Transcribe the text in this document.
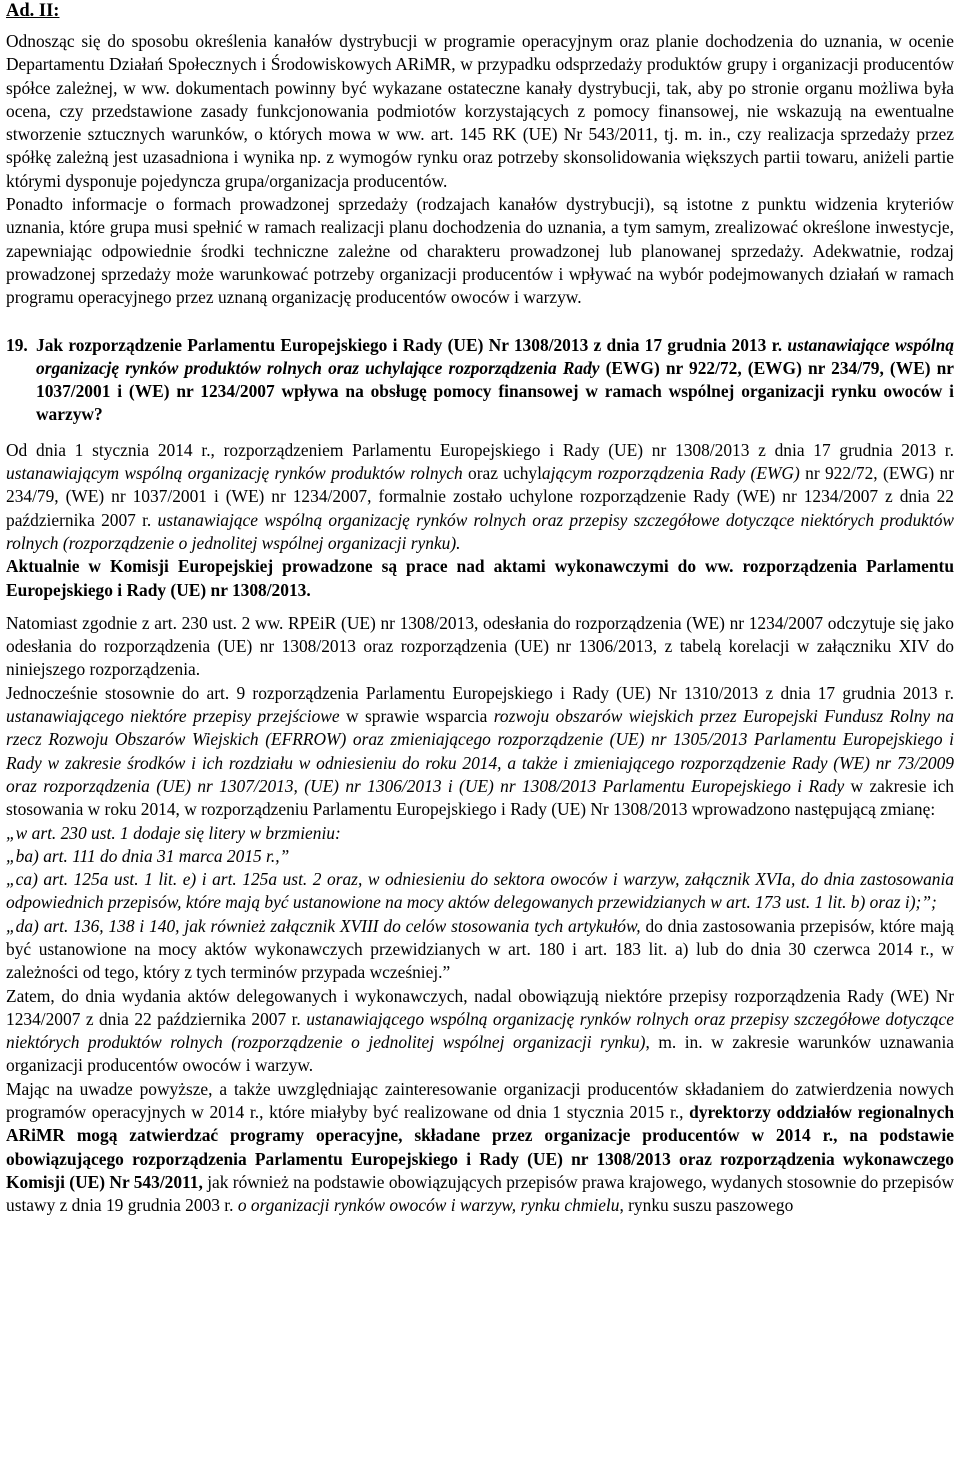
Ad. II:

Odnosząc się do sposobu określenia kanałów dystrybucji w programie operacyjnym oraz planie dochodzenia do uznania, w ocenie Departamentu Działań Społecznych i Środowiskowych ARiMR, w przypadku odsprzedaży produktów grupy i organizacji producentów spółce zależnej, w ww. dokumentach powinny być wykazane ostateczne kanały dystrybucji, tak, aby po stronie organu możliwa była ocena, czy przedstawione zasady funkcjonowania podmiotów korzystających z pomocy finansowej, nie wskazują na ewentualne stworzenie sztucznych warunków, o których mowa w ww. art. 145 RK (UE) Nr 543/2011, tj. m. in., czy realizacja sprzedaży przez spółkę zależną jest uzasadniona i wynika np. z wymogów rynku oraz potrzeby skonsolidowania większych partii towaru, aniżeli partie którymi dysponuje pojedyncza grupa/organizacja producentów.

Ponadto informacje o formach prowadzonej sprzedaży (rodzajach kanałów dystrybucji), są istotne z punktu widzenia kryteriów uznania, które grupa musi spełnić w ramach realizacji planu dochodzenia do uznania, a tym samym, zrealizować określone inwestycje, zapewniając odpowiednie środki techniczne zależne od charakteru prowadzonej lub planowanej sprzedaży. Adekwatnie, rodzaj prowadzonej sprzedaży może warunkować potrzeby organizacji producentów i wpływać na wybór podejmowanych działań w ramach programu operacyjnego przez uznaną organizację producentów owoców i warzyw.

19. Jak rozporządzenie Parlamentu Europejskiego i Rady (UE) Nr 1308/2013 z dnia 17 grudnia 2013 r. ustanawiające wspólną organizację rynków produktów rolnych oraz uchylające rozporządzenia Rady (EWG) nr 922/72, (EWG) nr 234/79, (WE) nr 1037/2001 i (WE) nr 1234/2007 wpływa na obsługę pomocy finansowej w ramach wspólnej organizacji rynku owoców i warzyw?

Od dnia 1 stycznia 2014 r., rozporządzeniem Parlamentu Europejskiego i Rady (UE) nr 1308/2013 z dnia 17 grudnia 2013 r. ustanawiającym wspólną organizację rynków produktów rolnych oraz uchylającym rozporządzenia Rady (EWG) nr 922/72, (EWG) nr 234/79, (WE) nr 1037/2001 i (WE) nr 1234/2007, formalnie zostało uchylone rozporządzenie Rady (WE) nr 1234/2007 z dnia 22 października 2007 r. ustanawiające wspólną organizację rynków rolnych oraz przepisy szczegółowe dotyczące niektórych produktów rolnych (rozporządzenie o jednolitej wspólnej organizacji rynku).

Aktualnie w Komisji Europejskiej prowadzone są prace nad aktami wykonawczymi do ww. rozporządzenia Parlamentu Europejskiego i Rady (UE) nr 1308/2013.

Natomiast zgodnie z art. 230 ust. 2 ww. RPEiR (UE) nr 1308/2013, odesłania do rozporządzenia (WE) nr 1234/2007 odczytuje się jako odesłania do rozporządzenia (UE) nr 1308/2013 oraz rozporządzenia (UE) nr 1306/2013, z tabelą korelacji w załączniku XIV do niniejszego rozporządzenia.

Jednocześnie stosownie do art. 9 rozporządzenia Parlamentu Europejskiego i Rady (UE) Nr 1310/2013 z dnia 17 grudnia 2013 r. ustanawiającego niektóre przepisy przejściowe w sprawie wsparcia rozwoju obszarów wiejskich przez Europejski Fundusz Rolny na rzecz Rozwoju Obszarów Wiejskich (EFRROW) oraz zmieniającego rozporządzenie (UE) nr 1305/2013 Parlamentu Europejskiego i Rady w zakresie środków i ich rozdziału w odniesieniu do roku 2014, a także i zmieniającego rozporządzenie Rady (WE) nr 73/2009 oraz rozporządzenia (UE) nr 1307/2013, (UE) nr 1306/2013 i (UE) nr 1308/2013 Parlamentu Europejskiego i Rady w zakresie ich stosowania w roku 2014, w rozporządzeniu Parlamentu Europejskiego i Rady (UE) Nr 1308/2013 wprowadzono następującą zmianę:

„w art. 230 ust. 1 dodaje się litery w brzmieniu:

„ba) art. 111 do dnia 31 marca 2015 r.,”

„ca) art. 125a ust. 1 lit. e) i art. 125a ust. 2 oraz, w odniesieniu do sektora owoców i warzyw, załącznik XVIa, do dnia zastosowania odpowiednich przepisów, które mają być ustanowione na mocy aktów delegowanych przewidzianych w art. 173 ust. 1 lit. b) oraz i);”;

„da) art. 136, 138 i 140, jak również załącznik XVIII do celów stosowania tych artykułów, do dnia zastosowania przepisów, które mają być ustanowione na mocy aktów wykonawczych przewidzianych w art. 180 i art. 183 lit. a) lub do dnia 30 czerwca 2014 r., w zależności od tego, który z tych terminów przypada wcześniej.”

Zatem, do dnia wydania aktów delegowanych i wykonawczych, nadal obowiązują niektóre przepisy rozporządzenia Rady (WE) Nr 1234/2007 z dnia 22 października 2007 r. ustanawiającego wspólną organizację rynków rolnych oraz przepisy szczegółowe dotyczące niektórych produktów rolnych (rozporządzenie o jednolitej wspólnej organizacji rynku), m. in. w zakresie warunków uznawania organizacji producentów owoców i warzyw.

Mając na uwadze powyższe, a także uwzględniając zainteresowanie organizacji producentów składaniem do zatwierdzenia nowych programów operacyjnych w 2014 r., które miałyby być realizowane od dnia 1 stycznia 2015 r., dyrektorzy oddziałów regionalnych ARiMR mogą zatwierdzać programy operacyjne, składane przez organizacje producentów w 2014 r., na podstawie obowiązującego rozporządzenia Parlamentu Europejskiego i Rady (UE) nr 1308/2013 oraz rozporządzenia wykonawczego Komisji (UE) Nr 543/2011, jak również na podstawie obowiązujących przepisów prawa krajowego, wydanych stosownie do przepisów ustawy z dnia 19 grudnia 2003 r. o organizacji rynków owoców i warzyw, rynku chmielu, rynku suszu paszowego
